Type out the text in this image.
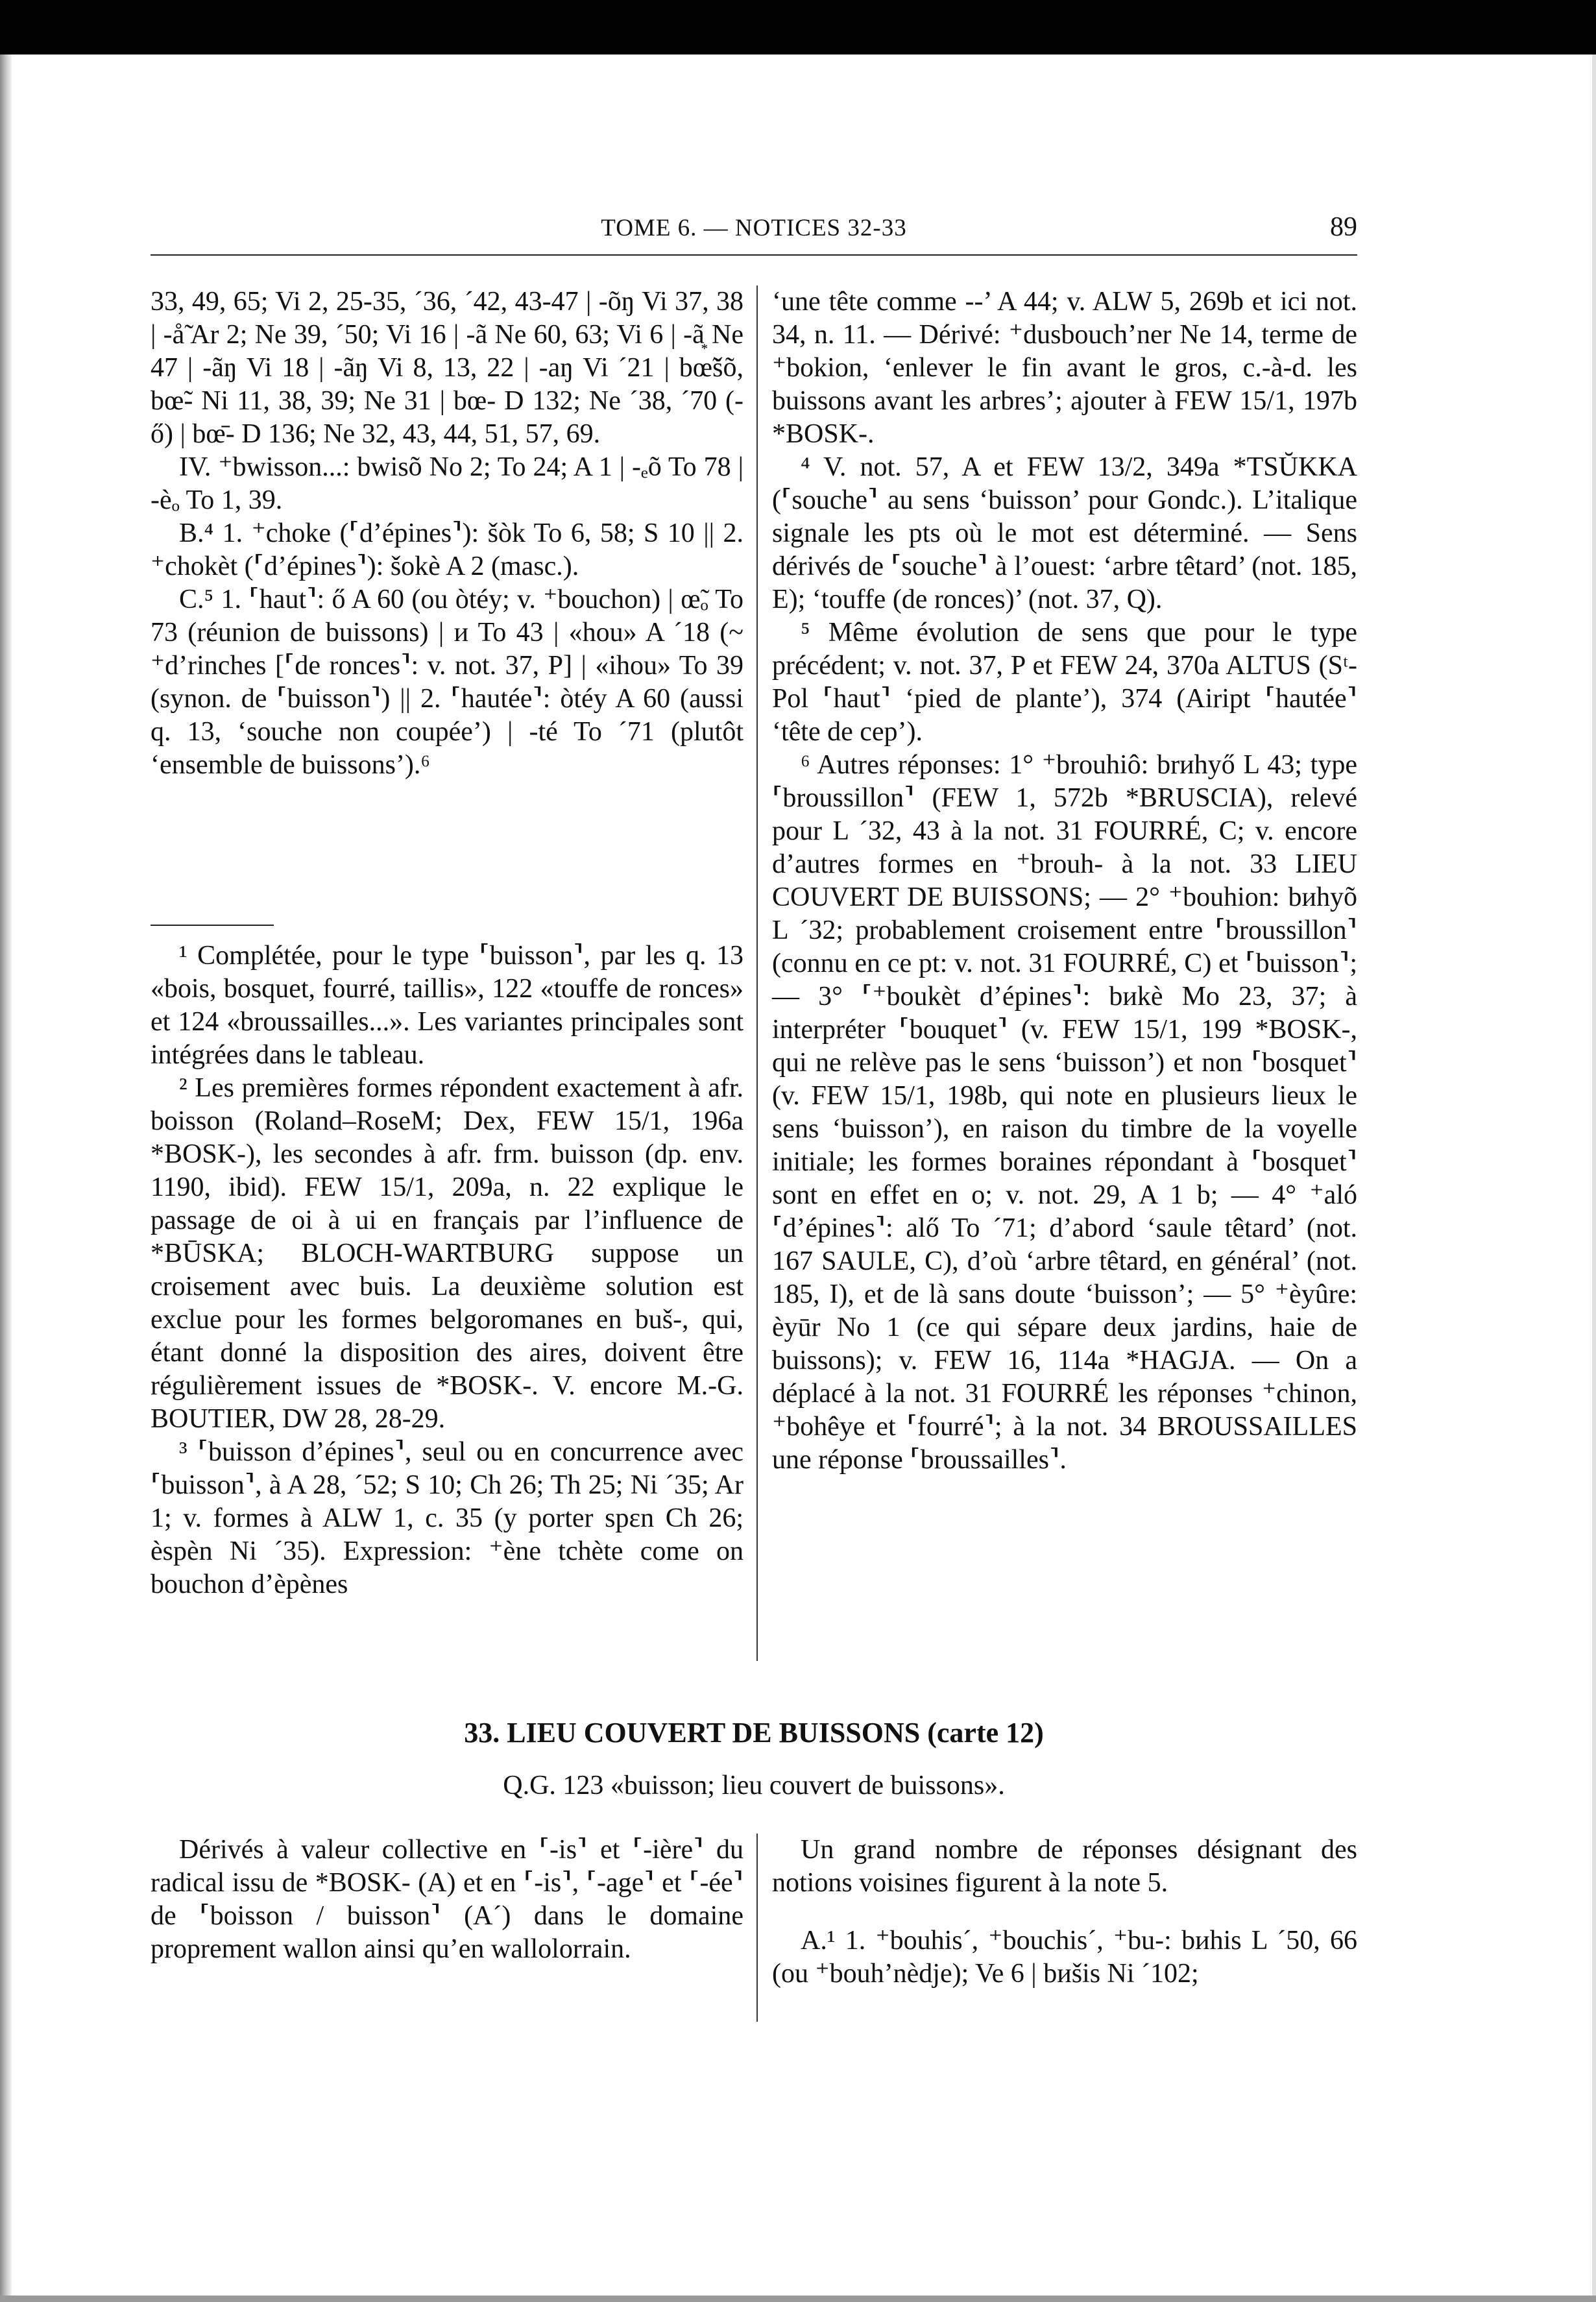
TOME 6. — NOTICES 32-33	89

33, 49, 65; Vi 2, 25-35, ´36, ´42, 43-47 | -õŋ Vi 37, 38 | -å̃ Ar 2; Ne 39, ´50; Vi 16 | -ã Ne 60, 63; Vi 6 | -ã͙ Ne 47 | -ãŋ Vi 18 | -ãŋ Vi 8, 13, 22 | -aŋ Vi ´21 | bœ̃šõ, bœ̃- Ni 11, 38, 39; Ne 31 | bœ- D 132; Ne ´38, ´70 (-ő) | bœ̄- D 136; Ne 32, 43, 44, 51, 57, 69.

IV. ⁺bwisson...: bwisõ No 2; To 24; A 1 | -ₑõ To 78 | -èₒ To 1, 39.

B.⁴ 1. ⁺choke (⸢d’épines⸣): šòk To 6, 58; S 10 || 2. ⁺chokèt (⸢d’épines⸣): šokè A 2 (masc.).

C.⁵ 1. ⸢haut⸣: ő A 60 (ou òtéy; v. ⁺bouchon) | œ̃ₒ To 73 (réunion de buissons) | ᴎ To 43 | «hou» A ´18 (~ ⁺d’rinches [⸢de ronces⸣: v. not. 37, P] | «ihou» To 39 (synon. de ⸢buisson⸣) || 2. ⸢hautée⸣: òtéy A 60 (aussi q. 13, ‘souche non coupée’) | -té To ´71 (plutôt ‘ensemble de buissons’).⁶

¹ Complétée, pour le type ⸢buisson⸣, par les q. 13 «bois, bosquet, fourré, taillis», 122 «touffe de ronces» et 124 «broussailles...». Les variantes principales sont intégrées dans le tableau.

² Les premières formes répondent exactement à afr. boisson (Roland–RoseM; Dex, FEW 15/1, 196a *BOSK-), les secondes à afr. frm. buisson (dp. env. 1190, ibid). FEW 15/1, 209a, n. 22 explique le passage de oi à ui en français par l’influence de *BŪSKA; BLOCH-WARTBURG suppose un croisement avec buis. La deuxième solution est exclue pour les formes belgoromanes en buš-, qui, étant donné la disposition des aires, doivent être régulièrement issues de *BOSK-. V. encore M.-G. BOUTIER, DW 28, 28-29.

³ ⸢buisson d’épines⸣, seul ou en concurrence avec ⸢buisson⸣, à A 28, ´52; S 10; Ch 26; Th 25; Ni ´35; Ar 1; v. formes à ALW 1, c. 35 (y porter spɛn Ch 26; èspèn Ni ´35). Expression: ⁺ène tchète come on bouchon d’èpènes

‘une tête comme --’ A 44; v. ALW 5, 269b et ici not. 34, n. 11. — Dérivé: ⁺dusbouch’ner Ne 14, terme de ⁺bokion, ‘enlever le fin avant le gros, c.-à-d. les buissons avant les arbres’; ajouter à FEW 15/1, 197b *BOSK-.

⁴ V. not. 57, A et FEW 13/2, 349a *TSŬKKA (⸢souche⸣ au sens ‘buisson’ pour Gondc.). L’italique signale les pts où le mot est déterminé. — Sens dérivés de ⸢souche⸣ à l’ouest: ‘arbre têtard’ (not. 185, E); ‘touffe (de ronces)’ (not. 37, Q).

⁵ Même évolution de sens que pour le type précédent; v. not. 37, P et FEW 24, 370a ALTUS (Sᵗ-Pol ⸢haut⸣ ‘pied de plante’), 374 (Aiript ⸢hautée⸣ ‘tête de cep’).

⁶ Autres réponses: 1° ⁺brouhiô: brᴎhyő L 43; type ⸢broussillon⸣ (FEW 1, 572b *BRUSCIA), relevé pour L ´32, 43 à la not. 31 FOURRÉ, C; v. encore d’autres formes en ⁺brouh- à la not. 33 LIEU COUVERT DE BUISSONS; — 2° ⁺bouhion: bᴎhyõ L ´32; probablement croisement entre ⸢broussillon⸣ (connu en ce pt: v. not. 31 FOURRÉ, C) et ⸢buisson⸣; — 3° ⸢⁺boukèt d’épines⸣: bᴎkè Mo 23, 37; à interpréter ⸢bouquet⸣ (v. FEW 15/1, 199 *BOSK-, qui ne relève pas le sens ‘buisson’) et non ⸢bosquet⸣ (v. FEW 15/1, 198b, qui note en plusieurs lieux le sens ‘buisson’), en raison du timbre de la voyelle initiale; les formes boraines répondant à ⸢bosquet⸣ sont en effet en o; v. not. 29, A 1 b; — 4° ⁺aló ⸢d’épines⸣: alő To ´71; d’abord ‘saule têtard’ (not. 167 SAULE, C), d’où ‘arbre têtard, en général’ (not. 185, I), et de là sans doute ‘buisson’; — 5° ⁺èyûre: èyūr No 1 (ce qui sépare deux jardins, haie de buissons); v. FEW 16, 114a *HAGJA. — On a déplacé à la not. 31 FOURRÉ les réponses ⁺chinon, ⁺bohêye et ⸢fourré⸣; à la not. 34 BROUSSAILLES une réponse ⸢broussailles⸣.

33. LIEU COUVERT DE BUISSONS (carte 12)
Q.G. 123 «buisson; lieu couvert de buissons».

Dérivés à valeur collective en ⸢-is⸣ et ⸢-ière⸣ du radical issu de *BOSK- (A) et en ⸢-is⸣, ⸢-age⸣ et ⸢-ée⸣ de ⸢boisson / buisson⸣ (A´) dans le domaine proprement wallon ainsi qu’en wallolorrain.

Un grand nombre de réponses désignant des notions voisines figurent à la note 5.

A.¹ 1. ⁺bouhis´, ⁺bouchis´, ⁺bu-: bᴎhis L ´50, 66 (ou ⁺bouh’nèdje); Ve 6 | bᴎšis Ni ´102;
